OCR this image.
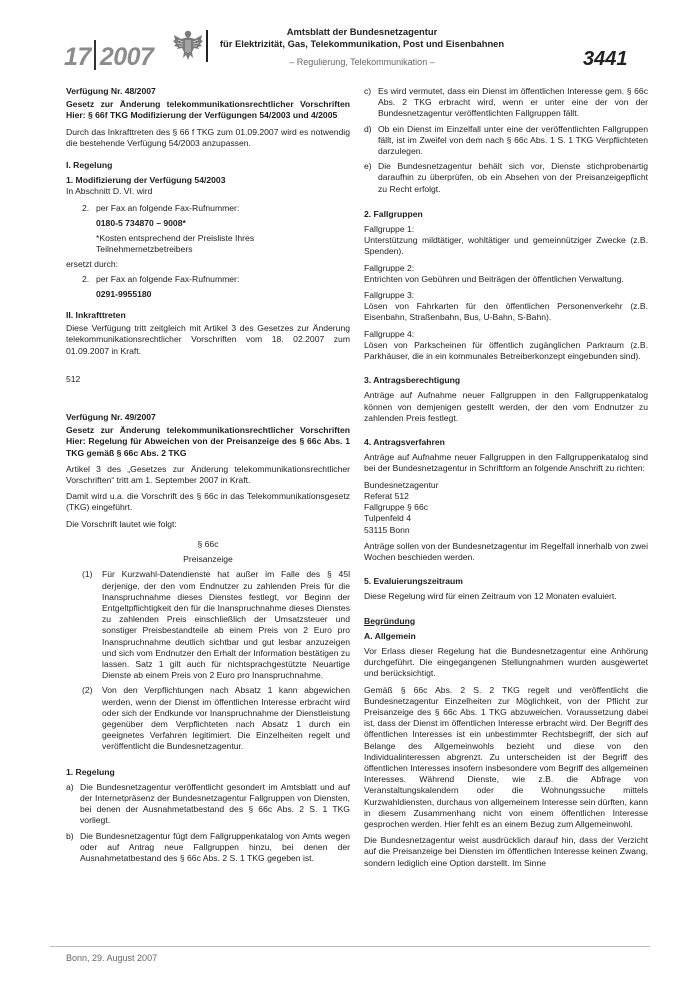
17 2007
Amtsblatt der Bundesnetzagentur
für Elektrizität, Gas, Telekommunikation, Post und Eisenbahnen
– Regulierung, Telekommunikation –	3441
Verfügung Nr. 48/2007
Gesetz zur Änderung telekommunikationsrechtlicher Vorschriften Hier: § 66f TKG Modifizierung der Verfügungen 54/2003 und 4/2005

Durch das Inkrafttreten des § 66 f TKG zum 01.09.2007 wird es notwendig die bestehende Verfügung 54/2003 anzupassen.

I. Regelung
1. Modifizierung der Verfügung 54/2003

In Abschnitt D. VI. wird

2. per Fax an folgende Fax-Rufnummer:
0180-5 734870 – 9008*
*Kosten entsprechend der Preisliste Ihres Teilnehmernetzbetreibers

ersetzt durch:

2. per Fax an folgende Fax-Rufnummer:
0291-9955180
II. Inkrafttreten

Diese Verfügung tritt zeitgleich mit Artikel 3 des Gesetzes zur Änderung telekommunikationsrechtlicher Vorschriften vom 18. 02.2007 zum 01.09.2007 in Kraft.

512

Verfügung Nr. 49/2007
Gesetz zur Änderung telekommunikationsrechtlicher Vorschriften Hier: Regelung für Abweichen von der Preisanzeige des § 66c Abs. 1 TKG gemäß § 66c Abs. 2 TKG

Artikel 3 des „Gesetzes zur Änderung telekommunikationsrechtlicher Vorschriften“ tritt am 1. September 2007 in Kraft.

Damit wird u.a. die Vorschrift des § 66c in das Telekommunikationsgesetz (TKG) eingeführt.

Die Vorschrift lautet wie folgt:

§ 66c
Preisanzeige
(1)	Für Kurzwahl-Datendienste hat außer im Falle des § 45l derjenige, der den vom Endnutzer zu zahlenden Preis für die Inanspruchnahme dieses Dienstes festlegt, vor Beginn der Entgeltpflichtigkeit den für die Inanspruchnahme dieses Dienstes zu zahlenden Preis einschließlich der Umsatzsteuer und sonstiger Preisbestandteile ab einem Preis von 2 Euro pro Inanspruchnahme deutlich sichtbar und gut lesbar anzuzeigen und sich vom Endnutzer den Erhalt der Information bestätigen zu lassen. Satz 1 gilt auch für nichtsprachgestützte Neuartige Dienste ab einem Preis von 2 Euro pro Inanspruchnahme.
(2)	Von den Verpflichtungen nach Absatz 1 kann abgewichen werden, wenn der Dienst im öffentlichen Interesse erbracht wird oder sich der Endkunde vor Inanspruchnahme der Dienstleistung gegenüber dem Verpflichteten nach Absatz 1 durch ein geeignetes Verfahren legitimiert. Die Einzelheiten regelt und veröffentlicht die Bundesnetzagentur.
1. Regelung
a) Die Bundesnetzagentur veröffentlicht gesondert im Amtsblatt und auf der Internetpräsenz der Bundesnetzagentur Fallgruppen von Diensten, bei denen der Ausnahmetatbestand des § 66c Abs. 2 S. 1 TKG vorliegt.
b) Die Bundesnetzagentur fügt dem Fallgruppenkatalog von Amts wegen oder auf Antrag neue Fallgruppen hinzu, bei denen der Ausnahmetatbestand des § 66c Abs. 2 S. 1 TKG gegeben ist.
c) Es wird vermutet, dass ein Dienst im öffentlichen Interesse gem. § 66c Abs. 2 TKG erbracht wird, wenn er unter eine der von der Bundesnetzagentur veröffentlichten Fallgruppen fällt.
d) Ob ein Dienst im Einzelfall unter eine der veröffentlichten Fallgruppen fällt, ist im Zweifel von dem nach § 66c Abs. 1 S. 1 TKG Verpflichteten darzulegen.
e) Die Bundesnetzagentur behält sich vor, Dienste stichprobenartig daraufhin zu überprüfen, ob ein Absehen von der Preisanzeigepflicht zu Recht erfolgt.
2. Fallgruppen
Fallgruppe 1:

Unterstützung mildtätiger, wohltätiger und gemeinnütziger Zwecke (z.B. Spenden).

Fallgruppe 2:

Entrichten von Gebühren und Beiträgen der öffentlichen Verwaltung.

Fallgruppe 3:

Lösen von Fahrkarten für den öffentlichen Personenverkehr (z.B. Eisenbahn, Straßenbahn, Bus, U-Bahn, S-Bahn).

Fallgruppe 4:

Lösen von Parkscheinen für öffentlich zugänglichen Parkraum (z.B. Parkhäuser, die in ein kommunales Betreiberkonzept eingebunden sind).

3. Antragsberechtigung

Anträge auf Aufnahme neuer Fallgruppen in den Fallgruppenkatalog können von demjenigen gestellt werden, der den vom Endnutzer zu zahlenden Preis festlegt.

4. Antragsverfahren

Anträge auf Aufnahme neuer Fallgruppen in den Fallgruppenkatalog sind bei der Bundesnetzagentur in Schriftform an folgende Anschrift zu richten:

Bundesnetzagentur
Referat 512
Fallgruppe § 66c
Tulpenfeld 4
53115 Bonn

Anträge sollen von der Bundesnetzagentur im Regelfall innerhalb von zwei Wochen beschieden werden.

5. Evaluierungszeitraum

Diese Regelung wird für einen Zeitraum von 12 Monaten evaluiert.

Begründung
A. Allgemein

Vor Erlass dieser Regelung hat die Bundesnetzagentur eine Anhörung durchgeführt. Die eingegangenen Stellungnahmen wurden ausgewertet und berücksichtigt.

Gemäß § 66c Abs. 2 S. 2 TKG regelt und veröffentlicht die Bundesnetzagentur Einzelheiten zur Möglichkeit, von der Pflicht zur Preisanzeige des § 66c Abs. 1 TKG abzuweichen. Voraussetzung dabei ist, dass der Dienst im öffentlichen Interesse erbracht wird. Der Begriff des öffentlichen Interesses ist ein unbestimmter Rechtsbegriff, der sich auf Belange des Allgemeinwohls bezieht und diese von den Individualinteressen abgrenzt. Zu unterscheiden ist der Begriff des öffentlichen Interesses insofern insbesondere vom Begriff des allgemeinen Interesses. Während Dienste, wie z.B. die Abfrage von Veranstaltungskalendern oder die Wohnungssuche mittels Kurzwahldiensten, durchaus von allgemeinem Interesse sein dürften, kann in diesem Zusammenhang nicht von einem öffentlichen Interesse gesprochen werden. Hier fehlt es an einem Bezug zum Allgemeinwohl.

Die Bundesnetzagentur weist ausdrücklich darauf hin, dass der Verzicht auf die Preisanzeige bei Diensten im öffentlichen Interesse keinen Zwang, sondern lediglich eine Option darstellt. Im Sinne

Bonn, 29. August 2007
